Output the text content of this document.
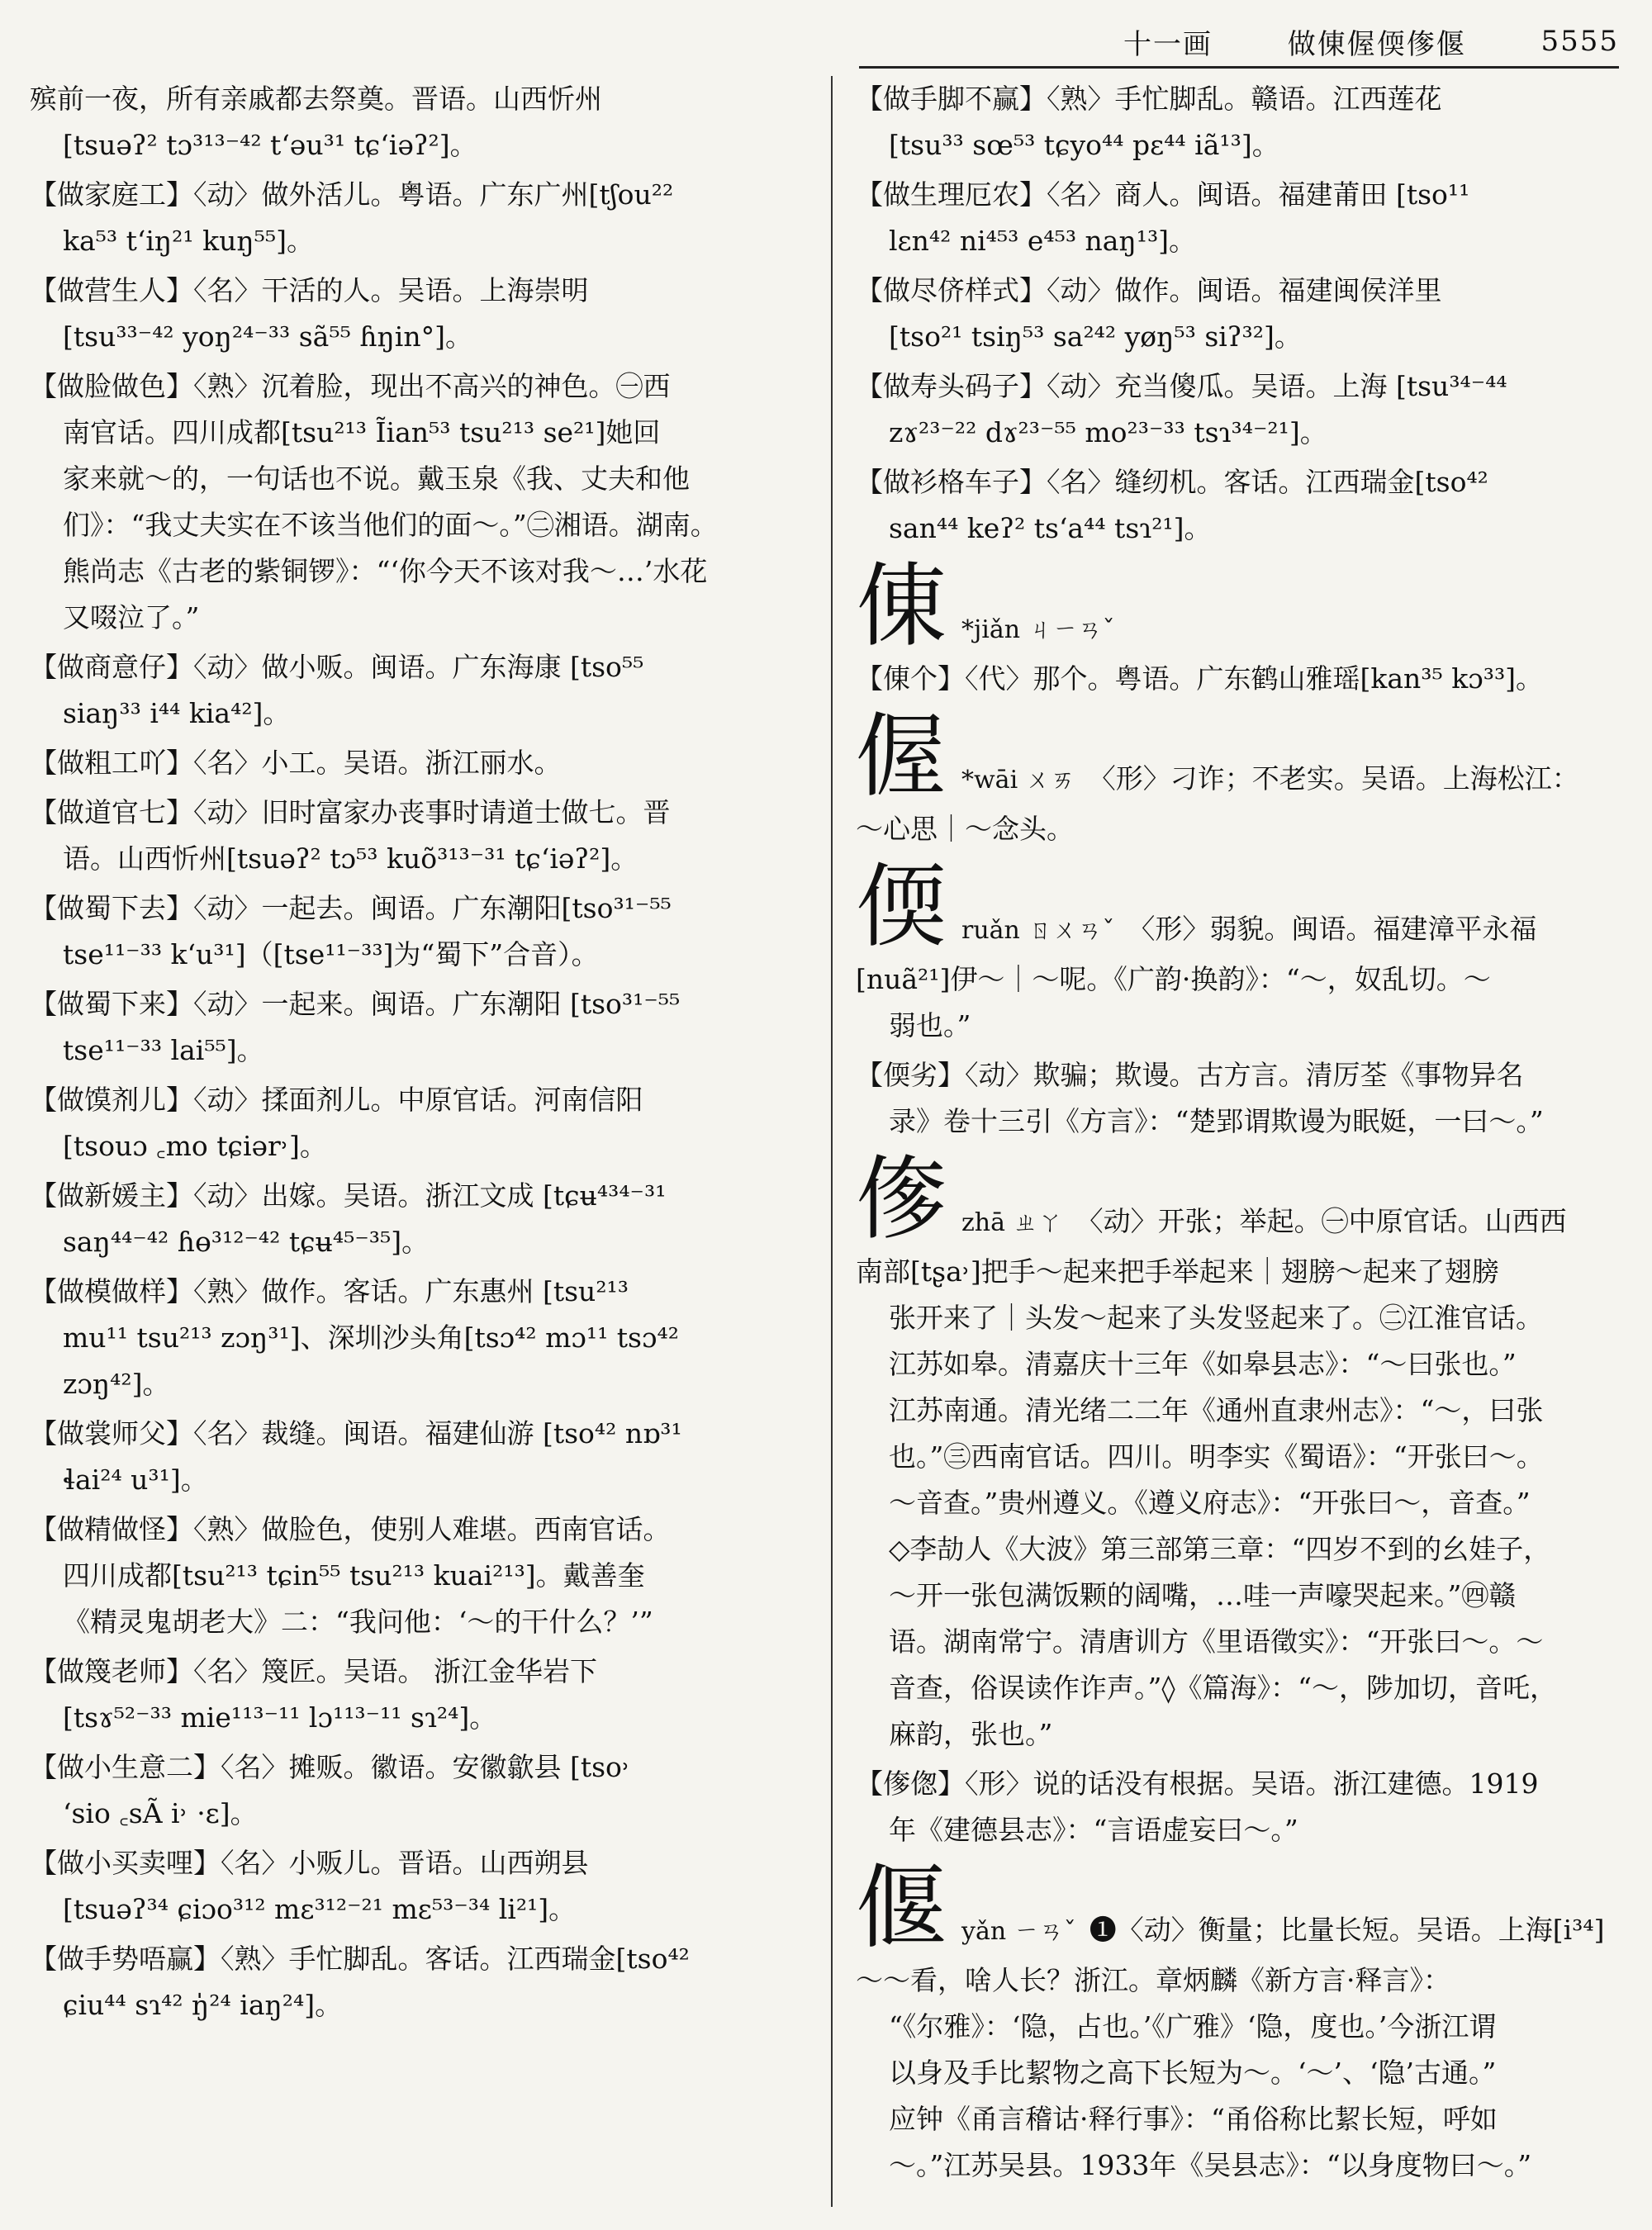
十一画	做倲偓偄偧偃	5555

殡前一夜，所有亲戚都去祭奠。晋语。山西忻州

[tsuəʔ² tɔ³¹³⁻⁴² tʻəu³¹ tɕʻiəʔ²]。

【做家庭工】〈动〉做外活儿。粤语。广东广州[tʃou²²

ka⁵³ tʻiŋ²¹ kuŋ⁵⁵]。

【做营生人】〈名〉干活的人。吴语。上海崇明

[tsu³³⁻⁴² yoŋ²⁴⁻³³ sã⁵⁵ ɦŋin°]。

【做脸做色】〈熟〉沉着脸，现出不高兴的神色。㊀西

南官话。四川成都[tsu²¹³ Ĩian⁵³ tsu²¹³ se²¹]她回

家来就～的，一句话也不说。戴玉泉《我、丈夫和他

们》：“我丈夫实在不该当他们的面～。”㊁湘语。湖南。

熊尚志《古老的紫铜锣》：“‘你今天不该对我～…’水花

又啜泣了。”

【做商意仔】〈动〉做小贩。闽语。广东海康 [tso⁵⁵

siaŋ³³ i⁴⁴ kia⁴²]。

【做粗工吖】〈名〉小工。吴语。浙江丽水。

【做道官七】〈动〉旧时富家办丧事时请道士做七。晋

语。山西忻州[tsuəʔ² tɔ⁵³ kuõ³¹³⁻³¹ tɕʻiəʔ²]。

【做蜀下去】〈动〉一起去。闽语。广东潮阳[tso³¹⁻⁵⁵

tse¹¹⁻³³ kʻu³¹]（[tse¹¹⁻³³]为“蜀下”合音）。

【做蜀下来】〈动〉一起来。闽语。广东潮阳 [tso³¹⁻⁵⁵

tse¹¹⁻³³ lai⁵⁵]。

【做馍剂儿】〈动〉揉面剂儿。中原官话。河南信阳

[tsouɔ ꜀mo tɕiər˒]。

【做新媛主】〈动〉出嫁。吴语。浙江文成 [tɕʉ⁴³⁴⁻³¹

saŋ⁴⁴⁻⁴² ɦɵ³¹²⁻⁴² tɕʉ⁴⁵⁻³⁵]。

【做模做样】〈熟〉做作。客话。广东惠州 [tsu²¹³

mu¹¹ tsu²¹³ zɔŋ³¹]、深圳沙头角[tsɔ⁴² mɔ¹¹ tsɔ⁴²

zɔŋ⁴²]。

【做裳师父】〈名〉裁缝。闽语。福建仙游 [tso⁴² nɒ³¹

ɬai²⁴ u³¹]。

【做精做怪】〈熟〉做脸色，使别人难堪。西南官话。

四川成都[tsu²¹³ tɕin⁵⁵ tsu²¹³ kuai²¹³]。戴善奎

《精灵鬼胡老大》二：“我问他：‘～的干什么？’”

【做篾老师】〈名〉篾匠。吴语。 浙江金华岩下

[tsɤ⁵²⁻³³ mie¹¹³⁻¹¹ lɔ¹¹³⁻¹¹ sɿ²⁴]。

【做小生意二】〈名〉摊贩。徽语。安徽歙县 [tso˒

ʻsio ꜀sÃ i˒ ·ɛ]。

【做小买卖哩】〈名〉小贩儿。晋语。山西朔县

[tsuəʔ³⁴ ɕiɔo³¹² mɛ³¹²⁻²¹ mɛ⁵³⁻³⁴ li²¹]。

【做手势唔赢】〈熟〉手忙脚乱。客话。江西瑞金[tso⁴²

ɕiu⁴⁴ sɿ⁴² ŋ̍²⁴ iaŋ²⁴]。

【做手脚不赢】〈熟〉手忙脚乱。赣语。江西莲花

[tsu³³ sœ⁵³ tɕyo⁴⁴ pɛ⁴⁴ iã¹³]。

【做生理厄农】〈名〉商人。闽语。福建莆田 [tso¹¹

lɛn⁴² ni⁴⁵³ e⁴⁵³ naŋ¹³]。

【做尽侪样式】〈动〉做作。闽语。福建闽侯洋里

[tso²¹ tsiŋ⁵³ sa²⁴² yøŋ⁵³ siʔ³²]。

【做寿头码子】〈动〉充当傻瓜。吴语。上海 [tsu³⁴⁻⁴⁴

zɤ²³⁻²² dɤ²³⁻⁵⁵ mo²³⁻³³ tsɿ³⁴⁻²¹]。

【做衫格车子】〈名〉缝纫机。客话。江西瑞金[tso⁴²

san⁴⁴ keʔ² tsʻa⁴⁴ tsɿ²¹]。

倲 *jiǎn ㄐㄧㄢˇ

【倲个】〈代〉那个。粤语。广东鹤山雅瑶[kan³⁵ kɔ³³]。

偓 *wāi ㄨㄞ 〈形〉刁诈；不老实。吴语。上海松江：

～心思｜～念头。

偄 ruǎn ㄖㄨㄢˇ 〈形〉弱貌。闽语。福建漳平永福

[nuã²¹]伊～｜～呢。《广韵·换韵》：“～，奴乱切。～

弱也。”

【偄劣】〈动〉欺骗；欺谩。古方言。清厉荃《事物异名

录》卷十三引《方言》：“楚郢谓欺谩为眠娗，一曰～。”

偧 zhā ㄓㄚ 〈动〉开张；举起。㊀中原官话。山西西

南部[tʂa˒]把手～起来把手举起来｜翅膀～起来了翅膀

张开来了｜头发～起来了头发竖起来了。㊁江淮官话。

江苏如皋。清嘉庆十三年《如皋县志》：“～曰张也。”

江苏南通。清光绪二二年《通州直隶州志》：“～，曰张

也。”㊂西南官话。四川。明李实《蜀语》：“开张曰～。

～音查。”贵州遵义。《遵义府志》：“开张曰～，音查。”

◇李劼人《大波》第三部第三章：“四岁不到的幺娃子，

～开一张包满饭颗的阔嘴，…哇一声嚎哭起来。”㊃赣

语。湖南常宁。清唐训方《里语徵实》：“开张曰～。～

音查，俗误读作诈声。”◊《篇海》：“～，陟加切，音吒，

麻韵，张也。”

【偧偬】〈形〉说的话没有根据。吴语。浙江建德。1919

年《建德县志》：“言语虚妄曰～。”

偃 yǎn ㄧㄢˇ ❶〈动〉衡量；比量长短。吴语。上海[i³⁴]

～～看，啥人长？浙江。章炳麟《新方言·释言》：

“《尔雅》：‘隐，占也。’《广雅》‘隐，度也。’今浙江谓

以身及手比絜物之高下长短为～。‘～’、‘隐’古通。”

应钟《甬言稽诂·释行事》：“甬俗称比絜长短，呼如

～。”江苏吴县。1933年《吴县志》：“以身度物曰～。”
